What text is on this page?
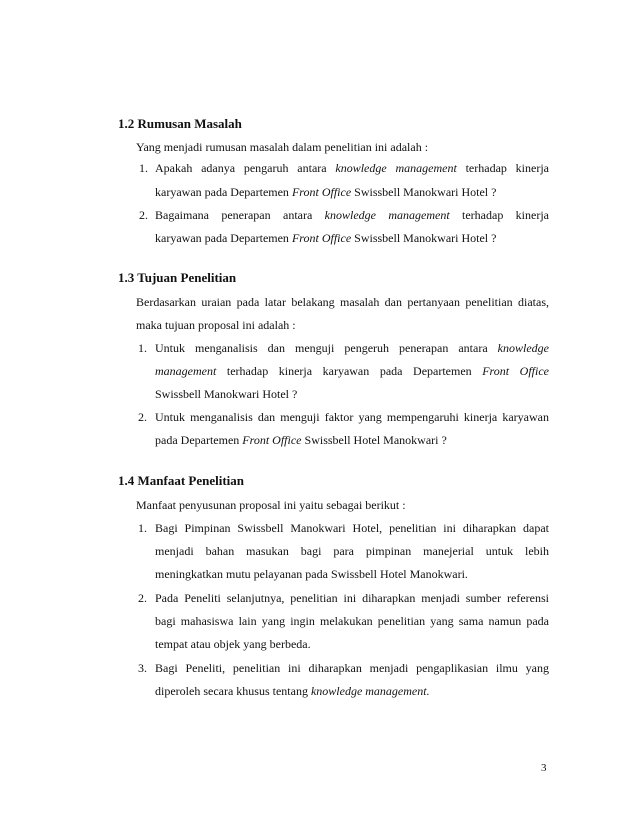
1.2 Rumusan Masalah
Yang menjadi rumusan masalah dalam penelitian ini adalah :
1. Apakah adanya pengaruh antara knowledge management terhadap kinerja
karyawan pada Departemen Front Office Swissbell Manokwari Hotel ?
2. Bagaimana penerapan antara knowledge management terhadap kinerja
karyawan pada Departemen Front Office Swissbell Manokwari Hotel ?
1.3 Tujuan Penelitian
Berdasarkan uraian pada latar belakang masalah dan pertanyaan penelitian diatas,
maka tujuan proposal ini adalah :
1. Untuk menganalisis dan menguji pengeruh penerapan antara knowledge
management terhadap kinerja karyawan pada Departemen Front Office
Swissbell Manokwari Hotel ?
2. Untuk menganalisis dan menguji faktor yang mempengaruhi kinerja karyawan
pada Departemen Front Office Swissbell Hotel Manokwari ?
1.4 Manfaat Penelitian
Manfaat penyusunan proposal ini yaitu sebagai berikut :
1. Bagi Pimpinan Swissbell Manokwari Hotel, penelitian ini diharapkan dapat
menjadi bahan masukan bagi para pimpinan manejerial untuk lebih
meningkatkan mutu pelayanan pada Swissbell Hotel Manokwari.
2. Pada Peneliti selanjutnya, penelitian ini diharapkan menjadi sumber referensi
bagi mahasiswa lain yang ingin melakukan penelitian yang sama namun pada
tempat atau objek yang berbeda.
3. Bagi Peneliti, penelitian ini diharapkan menjadi pengaplikasian ilmu yang
diperoleh secara khusus tentang knowledge management.
3
